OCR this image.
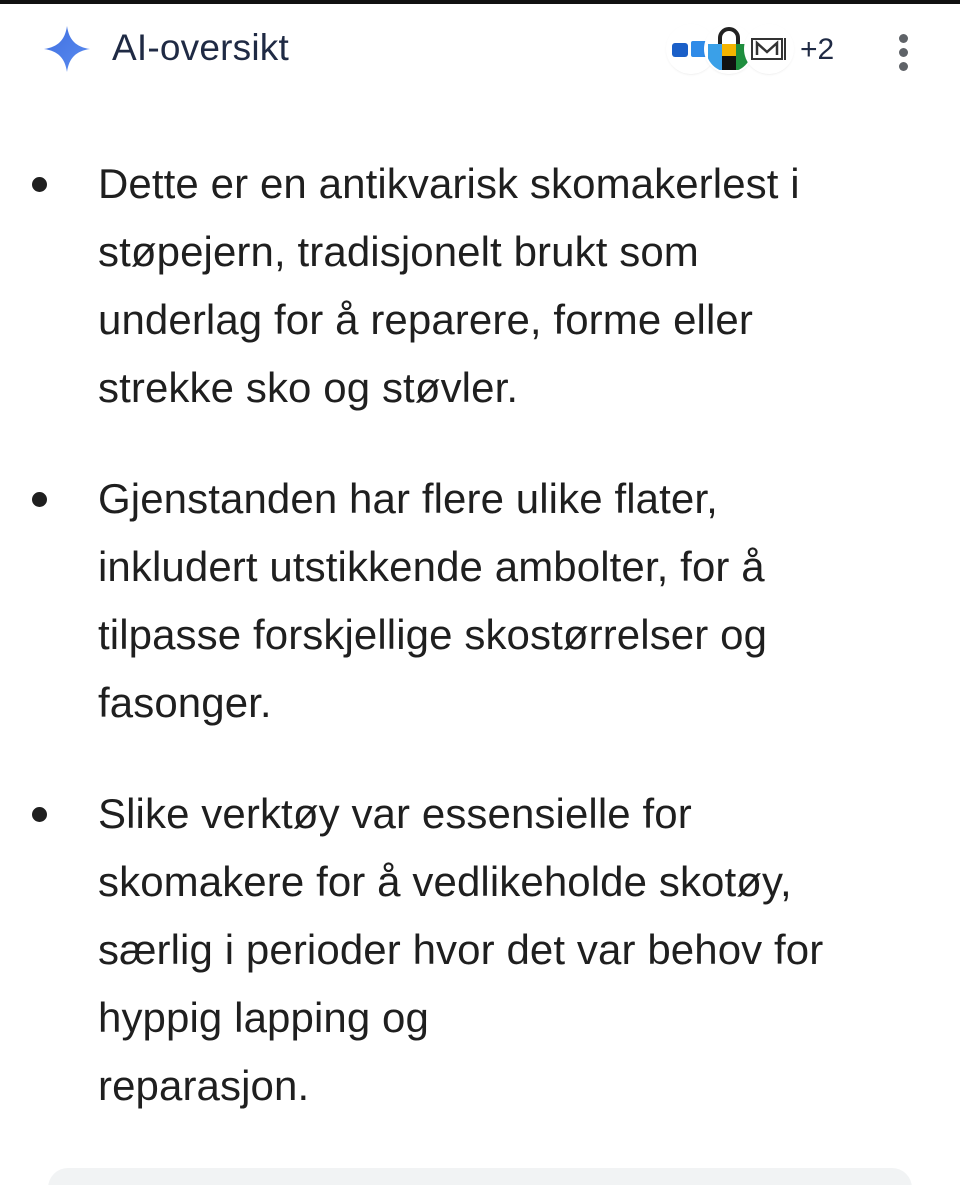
AI-oversikt	+2
Dette er en antikvarisk skomakerlest i
støpejern, tradisjonelt brukt som
underlag for å reparere, forme eller
strekke sko og støvler.
Gjenstanden har flere ulike flater,
inkludert utstikkende ambolter, for å
tilpasse forskjellige skostørrelser og
fasonger.
Slike verktøy var essensielle for
skomakere for å vedlikeholde skotøy,
særlig i perioder hvor det var behov for
hyppig lapping og
reparasjon.
